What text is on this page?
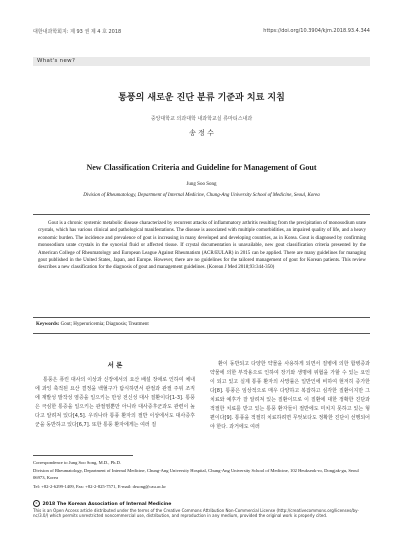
대한내과학회지: 제 93 권 제 4 호 2018	https://doi.org/10.3904/kjm.2018.93.4.344
What's new?
통풍의 새로운 진단 분류 기준과 치료 지침
중앙대학교 의과대학 내과학교실 류마티스내과
송 정 수
New Classification Criteria and Guideline for Management of Gout
Jung Soo Song
Division of Rheumatology, Department of Internal Medicine, Chung-Ang University School of Medicine, Seoul, Korea
Gout is a chronic systemic metabolic disease characterized by recurrent attacks of inflammatory arthritis resulting from the precipitation of monosodium urate crystals, which has various clinical and pathological manifestations. The disease is associated with multiple comorbidities, an impaired quality of life, and a heavy economic burden. The incidence and prevalence of gout is increasing in many developed and developing countries, as in Korea. Gout is diagnosed by confirming monosodium urate crystals in the synovial fluid or affected tissue. If crystal documentation is unavailable, new gout classification criteria presented by the American College of Rheumatology and European League Against Rheumatism (ACR/EULAR) in 2015 can be applied. There are many guidelines for managing gout published in the United States, Japan, and Europe. However, there are no guidelines for the tailored management of gout for Korean patients. This review describes a new classification for the diagnosis of gout and management guidelines. (Korean J Med 2018;93:344-350)
Keywords: Gout; Hyperuricemia; Diagnosis; Treatment
서 론
통풍은 퓨린 대사의 이상과 신장에서의 요산 배설 장애로 인하여 체내에 과잉 축적된 요산 결정을 백혈구가 탐식하면서 관절과 관절 주위 조직에 재발성 발작성 염증을 일으키는 만성 전신성 대사 질환이다[1-3]. 통풍은 극심한 통증을 일으키는 관절염뿐만 아니라 대사증후군과도 관련이 높다고 알려져 있다[4,5]. 우리나라 통풍 환자의 절반 이상에서도 대사증후군을 동반하고 있다[6,7]. 또한 통풍 환자에게는 여러 질
환이 동반되고 다양한 약물을 사용하게 되면서 질병에 의한 합병증과 약물에 의한 부작용으로 인하여 장기와 생명에 위협을 가할 수 있는 요인이 되고 있고 실제 통풍 환자의 사망률은 일반인에 비하여 현저히 증가한다[8]. 통풍은 임상적으로 매우 다양하고 복잡하고 심각한 질환이지만 그 치료와 예후가 잘 알려져 있는 질환이므로 이 질환에 대한 정확한 진단과 적절한 치료를 받고 있는 통풍 환자들이 절반에도 미치지 못하고 있는 형편이다[9]. 통풍을 적절히 치료하려면 무엇보다도 정확한 진단이 선행되어야 한다. 과거에도 여러
Correspondence to Jung Soo Song, M.D., Ph.D.
Division of Rheumatology, Department of Internal Medicine, Chung-Ang University Hospital, Chung-Ang University School of Medicine, 102 Heukseok-ro, Dongjak-gu, Seoul 06973, Korea
Tel: +82-2-6299-1409, Fax: +82-2-825-7571, E-mail: drsong@cau.ac.kr
c 2018 The Korean Association of Internal Medicine
This is an Open Access article distributed under the terms of the Creative Commons Attribution Non-Commercial License (http://creativecommons.org/licenses/by-nc/3.0/) which permits unrestricted noncommercial use, distribution, and reproduction in any medium, provided the original work is properly cited.
